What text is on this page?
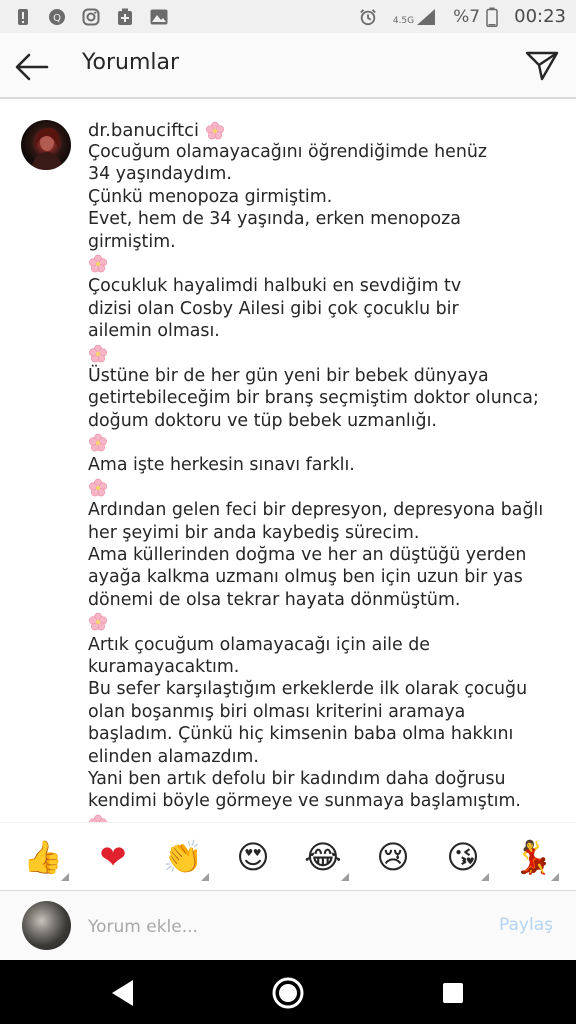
Q	4.5G %7 00:23
Yorumlar
dr.banuciftci
Çocuğum olamayacağını öğrendiğimde henüz
34 yaşındaydım.
Çünkü menopoza girmiştim.
Evet, hem de 34 yaşında, erken menopoza
girmiştim.
Çocukluk hayalimdi halbuki en sevdiğim tv
dizisi olan Cosby Ailesi gibi çok çocuklu bir
ailemin olması.
Üstüne bir de her gün yeni bir bebek dünyaya
getirtebileceğim bir branş seçmiştim doktor olunca;
doğum doktoru ve tüp bebek uzmanlığı.
Ama işte herkesin sınavı farklı.
Ardından gelen feci bir depresyon, depresyona bağlı
her şeyimi bir anda kaybediş sürecim.
Ama küllerinden doğma ve her an düştüğü yerden
ayağa kalkma uzmanı olmuş ben için uzun bir yas
dönemi de olsa tekrar hayata dönmüştüm.
Artık çocuğum olamayacağı için aile de
kuramayacaktım.
Bu sefer karşılaştığım erkeklerde ilk olarak çocuğu
olan boşanmış biri olması kriterini aramaya
başladım. Çünkü hiç kimsenin baba olma hakkını
elinden alamazdım.
Yani ben artık defolu bir kadındım daha doğrusu
kendimi böyle görmeye ve sunmaya başlamıştım.
👍 ❤ 👏 😍 😂 😢 😘 💃
Yorum ekle...
Paylaş
